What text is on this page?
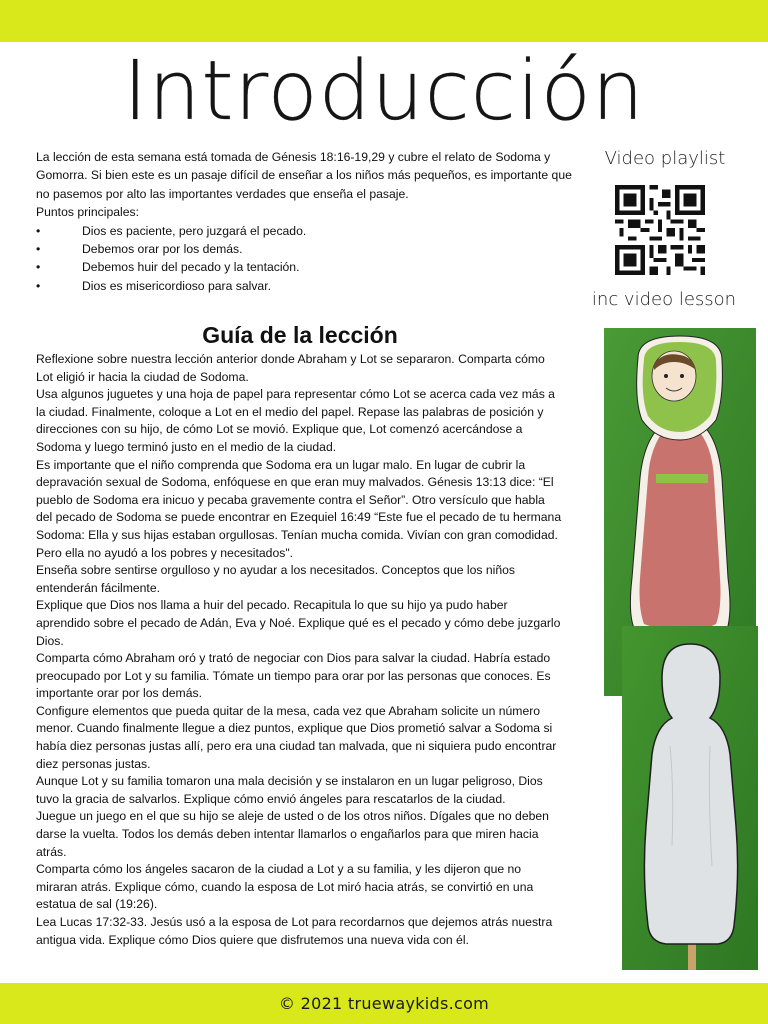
Introducción

La lección de esta semana está tomada de Génesis 18:16-19,29 y cubre el relato de Sodoma y Gomorra. Si bien este es un pasaje difícil de enseñar a los niños más pequeños, es importante que no pasemos por alto las importantes verdades que enseña el pasaje.

Puntos principales:

• Dios es paciente, pero juzgará el pecado.
• Debemos orar por los demás.
• Debemos huir del pecado y la tentación.
• Dios es misericordioso para salvar.
Video playlist
inc video lesson
Guía de la lección

Reflexione sobre nuestra lección anterior donde Abraham y Lot se separaron. Comparta cómo Lot eligió ir hacia la ciudad de Sodoma.

Usa algunos juguetes y una hoja de papel para representar cómo Lot se acerca cada vez más a la ciudad. Finalmente, coloque a Lot en el medio del papel. Repase las palabras de posición y direcciones con su hijo, de cómo Lot se movió. Explique que, Lot comenzó acercándose a Sodoma y luego terminó justo en el medio de la ciudad.

Es importante que el niño comprenda que Sodoma era un lugar malo. En lugar de cubrir la depravación sexual de Sodoma, enfóquese en que eran muy malvados. Génesis 13:13 dice: “El pueblo de Sodoma era inicuo y pecaba gravemente contra el Señor”. Otro versículo que habla del pecado de Sodoma se puede encontrar en Ezequiel 16:49 “Este fue el pecado de tu hermana Sodoma: Ella y sus hijas estaban orgullosas. Tenían mucha comida. Vivían con gran comodidad. Pero ella no ayudó a los pobres y necesitados".

Enseña sobre sentirse orgulloso y no ayudar a los necesitados. Conceptos que los niños entenderán fácilmente.

Explique que Dios nos llama a huir del pecado. Recapitula lo que su hijo ya pudo haber aprendido sobre el pecado de Adán, Eva y Noé. Explique qué es el pecado y cómo debe juzgarlo Dios.

Comparta cómo Abraham oró y trató de negociar con Dios para salvar la ciudad. Habría estado preocupado por Lot y su familia. Tómate un tiempo para orar por las personas que conoces. Es importante orar por los demás.

Configure elementos que pueda quitar de la mesa, cada vez que Abraham solicite un número menor. Cuando finalmente llegue a diez puntos, explique que Dios prometió salvar a Sodoma si había diez personas justas allí, pero era una ciudad tan malvada, que ni siquiera pudo encontrar diez personas justas.

Aunque Lot y su familia tomaron una mala decisión y se instalaron en un lugar peligroso, Dios tuvo la gracia de salvarlos. Explique cómo envió ángeles para rescatarlos de la ciudad.

Juegue un juego en el que su hijo se aleje de usted o de los otros niños. Dígales que no deben darse la vuelta. Todos los demás deben intentar llamarlos o engañarlos para que miren hacia atrás.

Comparta cómo los ángeles sacaron de la ciudad a Lot y a su familia, y les dijeron que no miraran atrás. Explique cómo, cuando la esposa de Lot miró hacia atrás, se convirtió en una estatua de sal (19:26).

Lea Lucas 17:32-33. Jesús usó a la esposa de Lot para recordarnos que dejemos atrás nuestra antigua vida. Explique cómo Dios quiere que disfrutemos una nueva vida con él.

© 2021 truewaykids.com
